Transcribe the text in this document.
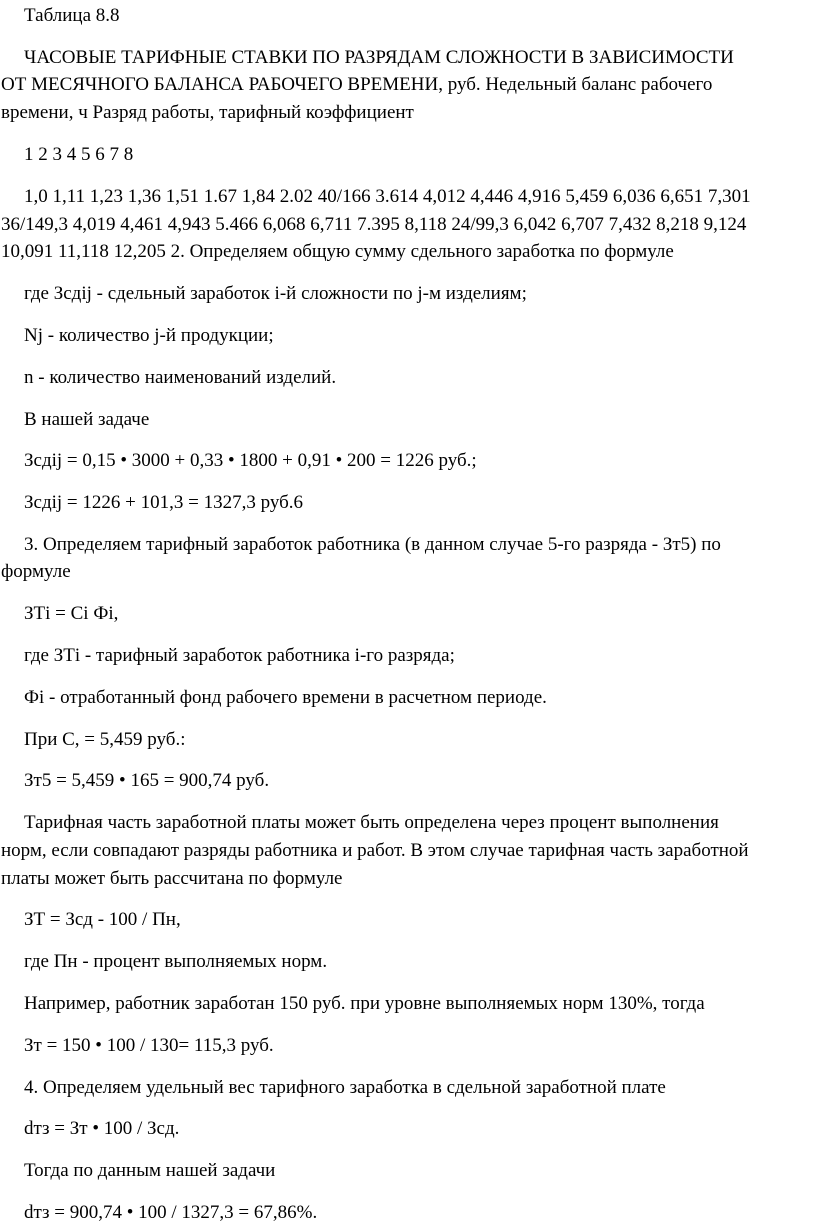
Таблица 8.8
ЧАСОВЫЕ ТАРИФНЫЕ СТАВКИ ПО РАЗРЯДАМ СЛОЖНОСТИ В ЗАВИСИМОСТИ
ОТ МЕСЯЧНОГО БАЛАНСА РАБОЧЕГО ВРЕМЕНИ, руб. Недельный баланс рабочего
времени, ч Разряд работы, тарифный коэффициент
1 2 3 4 5 6 7 8
1,0 1,11 1,23 1,36 1,51 1.67 1,84 2.02 40/166 3.614 4,012 4,446 4,916 5,459 6,036 6,651 7,301
36/149,3 4,019 4,461 4,943 5.466 6,068 6,711 7.395 8,118 24/99,3 6,042 6,707 7,432 8,218 9,124
10,091 11,118 12,205 2. Определяем общую сумму сдельного заработка по формуле
где Зсдij - сдельный заработок i-й сложности по j-м изделиям;
Nj - количество j-й продукции;
n - количество наименований изделий.
В нашей задаче
Зсдij = 0,15 • 3000 + 0,33 • 1800 + 0,91 • 200 = 1226 руб.;
Зсдij = 1226 + 101,3 = 1327,3 руб.6
3. Определяем тарифный заработок работника (в данном случае 5-го разряда - Зт5) по
формуле
ЗТi = Сi Фi,
где ЗТi - тарифный заработок работника i-го разряда;
Фi - отработанный фонд рабочего времени в расчетном периоде.
При С, = 5,459 руб.:
Зт5 = 5,459 • 165 = 900,74 руб.
Тарифная часть заработной платы может быть определена через процент выполнения
норм, если совпадают разряды работника и работ. В этом случае тарифная часть заработной
платы может быть рассчитана по формуле
ЗТ = Зсд - 100 / Пн,
где Пн - процент выполняемых норм.
Например, работник заработан 150 руб. при уровне выполняемых норм 130%, тогда
Зт = 150 • 100 / 130= 115,3 руб.
4. Определяем удельный вес тарифного заработка в сдельной заработной плате
dтз = Зт • 100 / Зсд.
Тогда по данным нашей задачи
dтз = 900,74 • 100 / 1327,3 = 67,86%.
